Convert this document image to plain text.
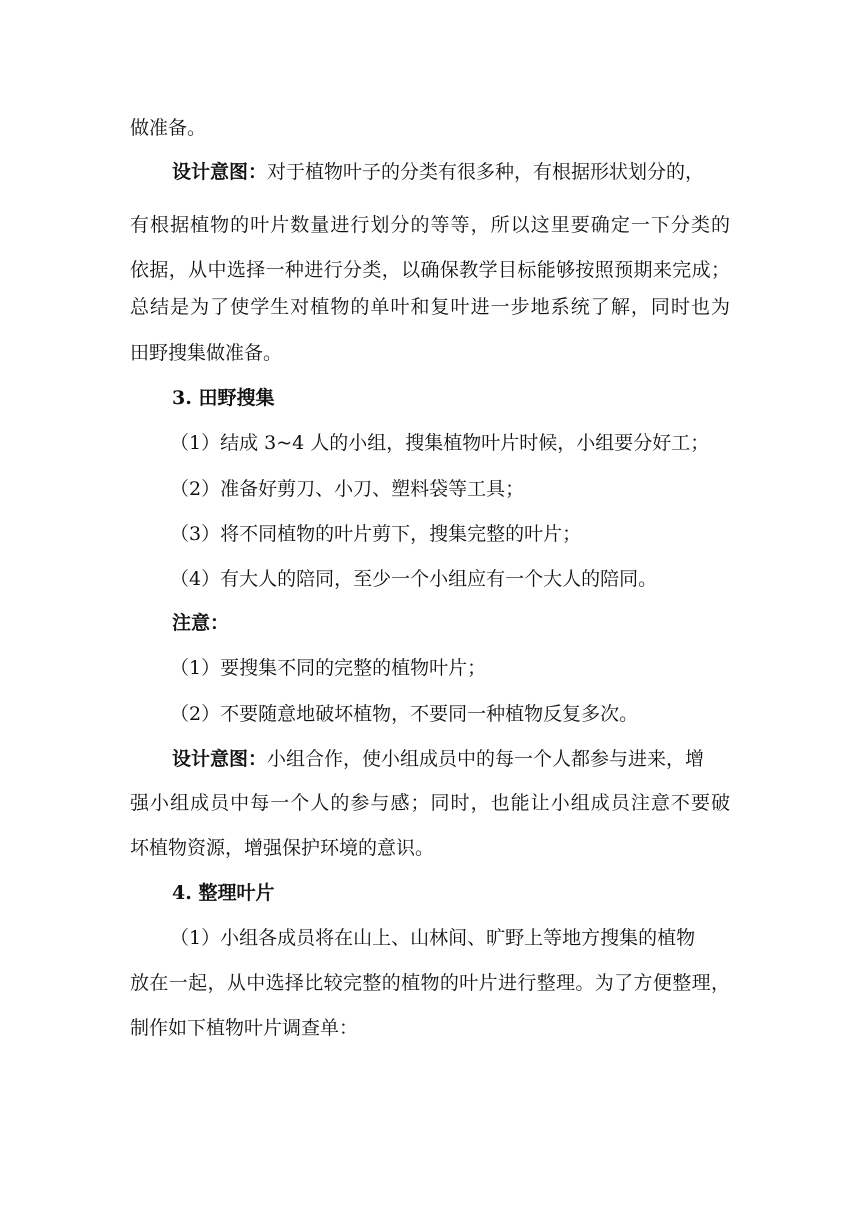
做准备。
设计意图：对于植物叶子的分类有很多种，有根据形状划分的，
有根据植物的叶片数量进行划分的等等，所以这里要确定一下分类的
依据，从中选择一种进行分类，以确保教学目标能够按照预期来完成；
总结是为了使学生对植物的单叶和复叶进一步地系统了解，同时也为
田野搜集做准备。
3. 田野搜集
（1）结成 3~4 人的小组，搜集植物叶片时候，小组要分好工；
（2）准备好剪刀、小刀、塑料袋等工具；
（3）将不同植物的叶片剪下，搜集完整的叶片；
（4）有大人的陪同，至少一个小组应有一个大人的陪同。
注意：
（1）要搜集不同的完整的植物叶片；
（2）不要随意地破坏植物，不要同一种植物反复多次。
设计意图：小组合作，使小组成员中的每一个人都参与进来，增
强小组成员中每一个人的参与感；同时，也能让小组成员注意不要破
坏植物资源，增强保护环境的意识。
4. 整理叶片
（1）小组各成员将在山上、山林间、旷野上等地方搜集的植物
放在一起，从中选择比较完整的植物的叶片进行整理。为了方便整理，
制作如下植物叶片调查单：
